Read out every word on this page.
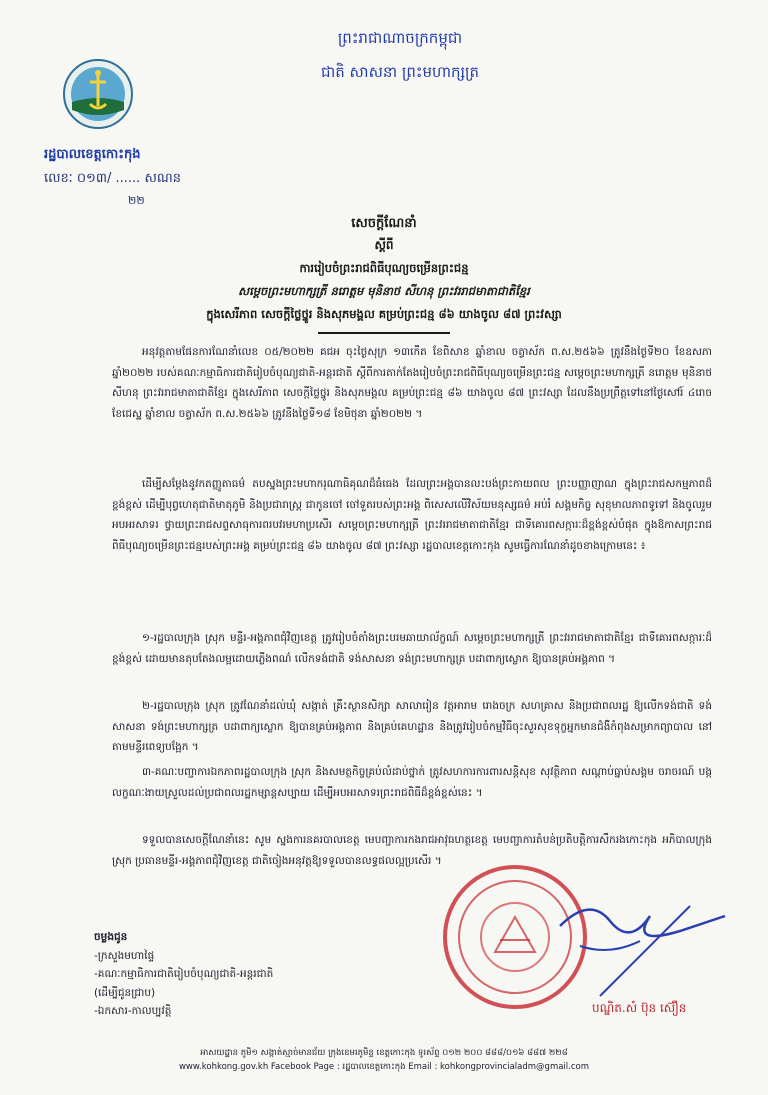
ព្រះរាជាណាចក្រកម្ពុជា
ជាតិ សាសនា ព្រះមហាក្សត្រ
រដ្ឋបាលខេត្តកោះកុង
លេខៈ ០១៣/ ...... សណន
២២
សេចក្តីណែនាំ
ស្តីពី
ការរៀបចំព្រះរាជពិធីបុណ្យចម្រើនព្រះជន្ម
សម្តេចព្រះមហាក្សត្រី នរោត្តម មុនិនាថ សីហនុ ព្រះវររាជមាតាជាតិខ្មែរ
ក្នុងសេរីភាព សេចក្តីថ្លៃថ្នូរ និងសុភមង្គល គម្រប់ព្រះជន្ម ៨៦ យាងចូល ៨៧ ព្រះវស្សា
អនុវត្តតាមផែនការណែនាំលេខ ០៥/២០២២ គជអ ចុះថ្ងៃសុក្រ ១៣កើត ខែពិសាខ ឆ្នាំខាល ចត្វាស័ក ព.ស.២៥៦៦ ត្រូវនឹងថ្ងៃទី២០ ខែឧសភា ឆ្នាំ២០២២ របស់គណៈកម្មាធិការជាតិរៀបចំបុណ្យជាតិ-អន្តរជាតិ ស្តីពីការតាក់តែងរៀបចំព្រះរាជពិធីបុណ្យចម្រើនព្រះជន្ម សម្តេចព្រះមហាក្សត្រី នរោត្តម មុនិនាថ សីហនុ ព្រះវររាជមាតាជាតិខ្មែរ ក្នុងសេរីភាព សេចក្តីថ្លៃថ្នូរ និងសុភមង្គល គម្រប់ព្រះជន្ម ៨៦ យាងចូល ៨៧ ព្រះវស្សា ដែលនឹងប្រព្រឹត្តទៅនៅថ្ងៃសៅរ៍ ៤រោច ខែជេស្ឋ ឆ្នាំខាល ចត្វាស័ក ព.ស.២៥៦៦ ត្រូវនឹងថ្ងៃទី១៨ ខែមិថុនា ឆ្នាំ២០២២ ។
ដើម្បីសម្តែងនូវកតញ្ញូតាធម៌ តបស្នងព្រះមហាករុណាធិគុណដ៏ធំធេង ដែលព្រះអង្គបានលះបង់ព្រះកាយពល ព្រះបញ្ញាញាណ ក្នុងព្រះរាជសកម្មភាពដ៏ខ្ពង់ខ្ពស់ ដើម្បីបុព្វហេតុជាតិមាតុភូមិ និងប្រជារាស្ត្រ ជាកូនចៅ ចៅទួតរបស់ព្រះអង្គ ពិសេសលើវិស័យមនុស្សធម៌ អប់រំ សង្គមកិច្ច សុខុមាលភាពទូទៅ និងចូលរួមអបអរសាទរ ថ្វាយព្រះរាជសព្ទសាធុការពរបវរមហាប្រសើរ សម្តេចព្រះមហាក្សត្រី ព្រះវររាជមាតាជាតិខ្មែរ ជាទីគោរពសក្ការៈដ៏ខ្ពង់ខ្ពស់បំផុត ក្នុងឱកាសព្រះរាជពិធីបុណ្យចម្រើនព្រះជន្មរបស់ព្រះអង្គ គម្រប់ព្រះជន្ម ៨៦ យាងចូល ៨៧ ព្រះវស្សា រដ្ឋបាលខេត្តកោះកុង សូមធ្វើការណែនាំដូចខាងក្រោមនេះ ៖
១-រដ្ឋបាលក្រុង ស្រុក មន្ទីរ-អង្គភាពជុំវិញខេត្ត ត្រូវរៀបចំតាំងព្រះបរមឆាយាល័ក្ខណ៍ សម្តេចព្រះមហាក្សត្រី ព្រះវររាជមាតាជាតិខ្មែរ ជាទីគោរពសក្ការៈដ៏ខ្ពង់ខ្ពស់ ដោយមានតុបតែងលម្អដោយភ្លើងពណ៌ លើកទង់ជាតិ ទង់សាសនា ទង់ព្រះមហាក្សត្រ បដាពាក្យស្លោក ឱ្យបានគ្រប់អង្គភាព ។
២-រដ្ឋបាលក្រុង ស្រុក ត្រូវណែនាំដល់ឃុំ សង្កាត់ គ្រឹះស្ថានសិក្សា សាលារៀន វត្តអារាម រោងចក្រ សហគ្រាស និងប្រជាពលរដ្ឋ ឱ្យលើកទង់ជាតិ ទង់សាសនា ទង់ព្រះមហាក្សត្រ បដាពាក្យស្លោក ឱ្យបានគ្រប់អង្គភាព និងគ្រប់គេហដ្ឋាន និងត្រូវរៀបចំកម្មវិធីចុះសួរសុខទុក្ខអ្នកមានជំងឺកំពុងសម្រាកព្យាបាល នៅតាមមន្ទីរពេទ្យបង្អែក ។
៣-គណៈបញ្ជាការឯកភាពរដ្ឋបាលក្រុង ស្រុក និងសមត្ថកិច្ចគ្រប់លំដាប់ថ្នាក់ ត្រូវសហការការពារសន្តិសុខ សុវត្ថិភាព សណ្តាប់ធ្នាប់សង្គម ចរាចរណ៍ បង្កលក្ខណៈងាយស្រួលដល់ប្រជាពលរដ្ឋកម្សាន្តសប្បាយ ដើម្បីអបអរសាទរព្រះរាជពិធីដ៏ខ្ពង់ខ្ពស់នេះ ។
ទទួលបានសេចក្តីណែនាំនេះ សូម ស្នងការនគរបាលខេត្ត មេបញ្ជាការកងរាជអាវុធហត្ថខេត្ត មេបញ្ជាការតំបន់ប្រតិបត្តិការសឹករងកោះកុង អភិបាលក្រុង ស្រុក ប្រធានមន្ទីរ-អង្គភាពជុំវិញខេត្ត ជាតិចៀងអនុវត្តឱ្យទទួលបានលទ្ធផលល្អប្រសើរ ។
ចម្លងជូន
-ក្រសួងមហាផ្ទៃ
-គណៈកម្មាធិការជាតិរៀបចំបុណ្យជាតិ-អន្តរជាតិ
(ដើម្បីជូនជ្រាប)
-ឯកសារ-កាលប្បវត្តិ	បណ្ឌិត.សំ​ ប៊ុន ស៊ឿន
អាសយដ្ឋាន ភូមិ១ សង្កាត់ស្មាច់មានជ័យ ក្រុងខេមរភូមិន្ទ ខេត្តកោះកុង ទូរស័ព្ទ ០១២ ២០០ ៨៨៨/០១៦ ៨៨៧ ២២៨
www.kohkong.gov.kh Facebook Page : រដ្ឋបាលខេត្តកោះកុង Email : kohkongprovincialadm@gmail.com
